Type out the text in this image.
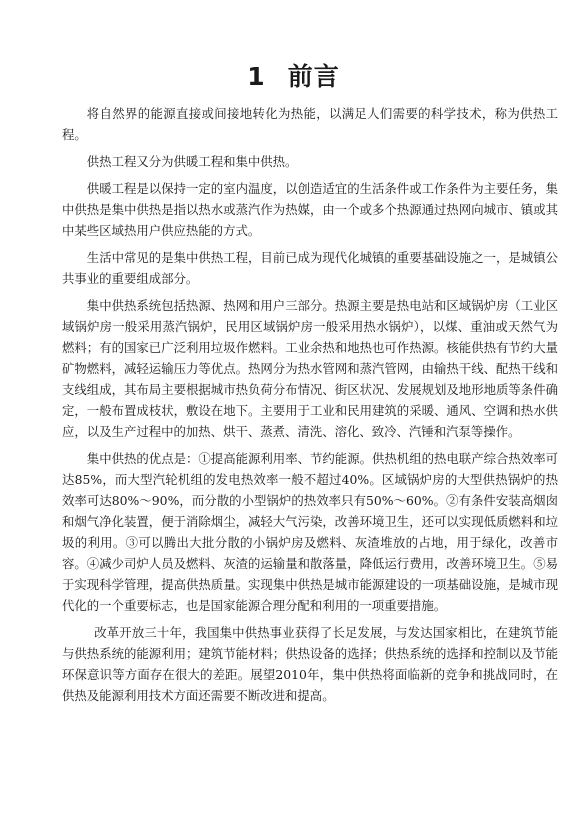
1 前言

将自然界的能源直接或间接地转化为热能，以满足人们需要的科学技术，称为供热工程。

供热工程又分为供暖工程和集中供热。

供暖工程是以保持一定的室内温度，以创造适宜的生活条件或工作条件为主要任务，集中供热是集中供热是指以热水或蒸汽作为热媒，由一个或多个热源通过热网向城市、镇或其中某些区域热用户供应热能的方式。

生活中常见的是集中供热工程，目前已成为现代化城镇的重要基础设施之一，是城镇公共事业的重要组成部分。

集中供热系统包括热源、热网和用户三部分。热源主要是热电站和区域锅炉房（工业区域锅炉房一般采用蒸汽锅炉，民用区域锅炉房一般采用热水锅炉），以煤、重油或天然气为燃料；有的国家已广泛利用垃圾作燃料。工业余热和地热也可作热源。核能供热有节约大量矿物燃料，减轻运输压力等优点。热网分为热水管网和蒸汽管网，由输热干线、配热干线和支线组成，其布局主要根据城市热负荷分布情况、街区状况、发展规划及地形地质等条件确定，一般布置成枝状，敷设在地下。主要用于工业和民用建筑的采暖、通风、空调和热水供应，以及生产过程中的加热、烘干、蒸煮、清洗、溶化、致冷、汽锤和汽泵等操作。

集中供热的优点是：①提高能源利用率、节约能源。供热机组的热电联产综合热效率可达85%，而大型汽轮机组的发电热效率一般不超过40%。区域锅炉房的大型供热锅炉的热效率可达80%～90%，而分散的小型锅炉的热效率只有50%～60%。②有条件安装高烟囱和烟气净化装置，便于消除烟尘，减轻大气污染，改善环境卫生，还可以实现低质燃料和垃圾的利用。③可以腾出大批分散的小锅炉房及燃料、灰渣堆放的占地，用于绿化，改善市容。④减少司炉人员及燃料、灰渣的运输量和散落量，降低运行费用，改善环境卫生。⑤易于实现科学管理，提高供热质量。实现集中供热是城市能源建设的一项基础设施，是城市现代化的一个重要标志，也是国家能源合理分配和利用的一项重要措施。

改革开放三十年，我国集中供热事业获得了长足发展，与发达国家相比，在建筑节能与供热系统的能源利用；建筑节能材料；供热设备的选择；供热系统的选择和控制以及节能环保意识等方面存在很大的差距。展望2010年，集中供热将面临新的竞争和挑战同时，在供热及能源利用技术方面还需要不断改进和提高。
